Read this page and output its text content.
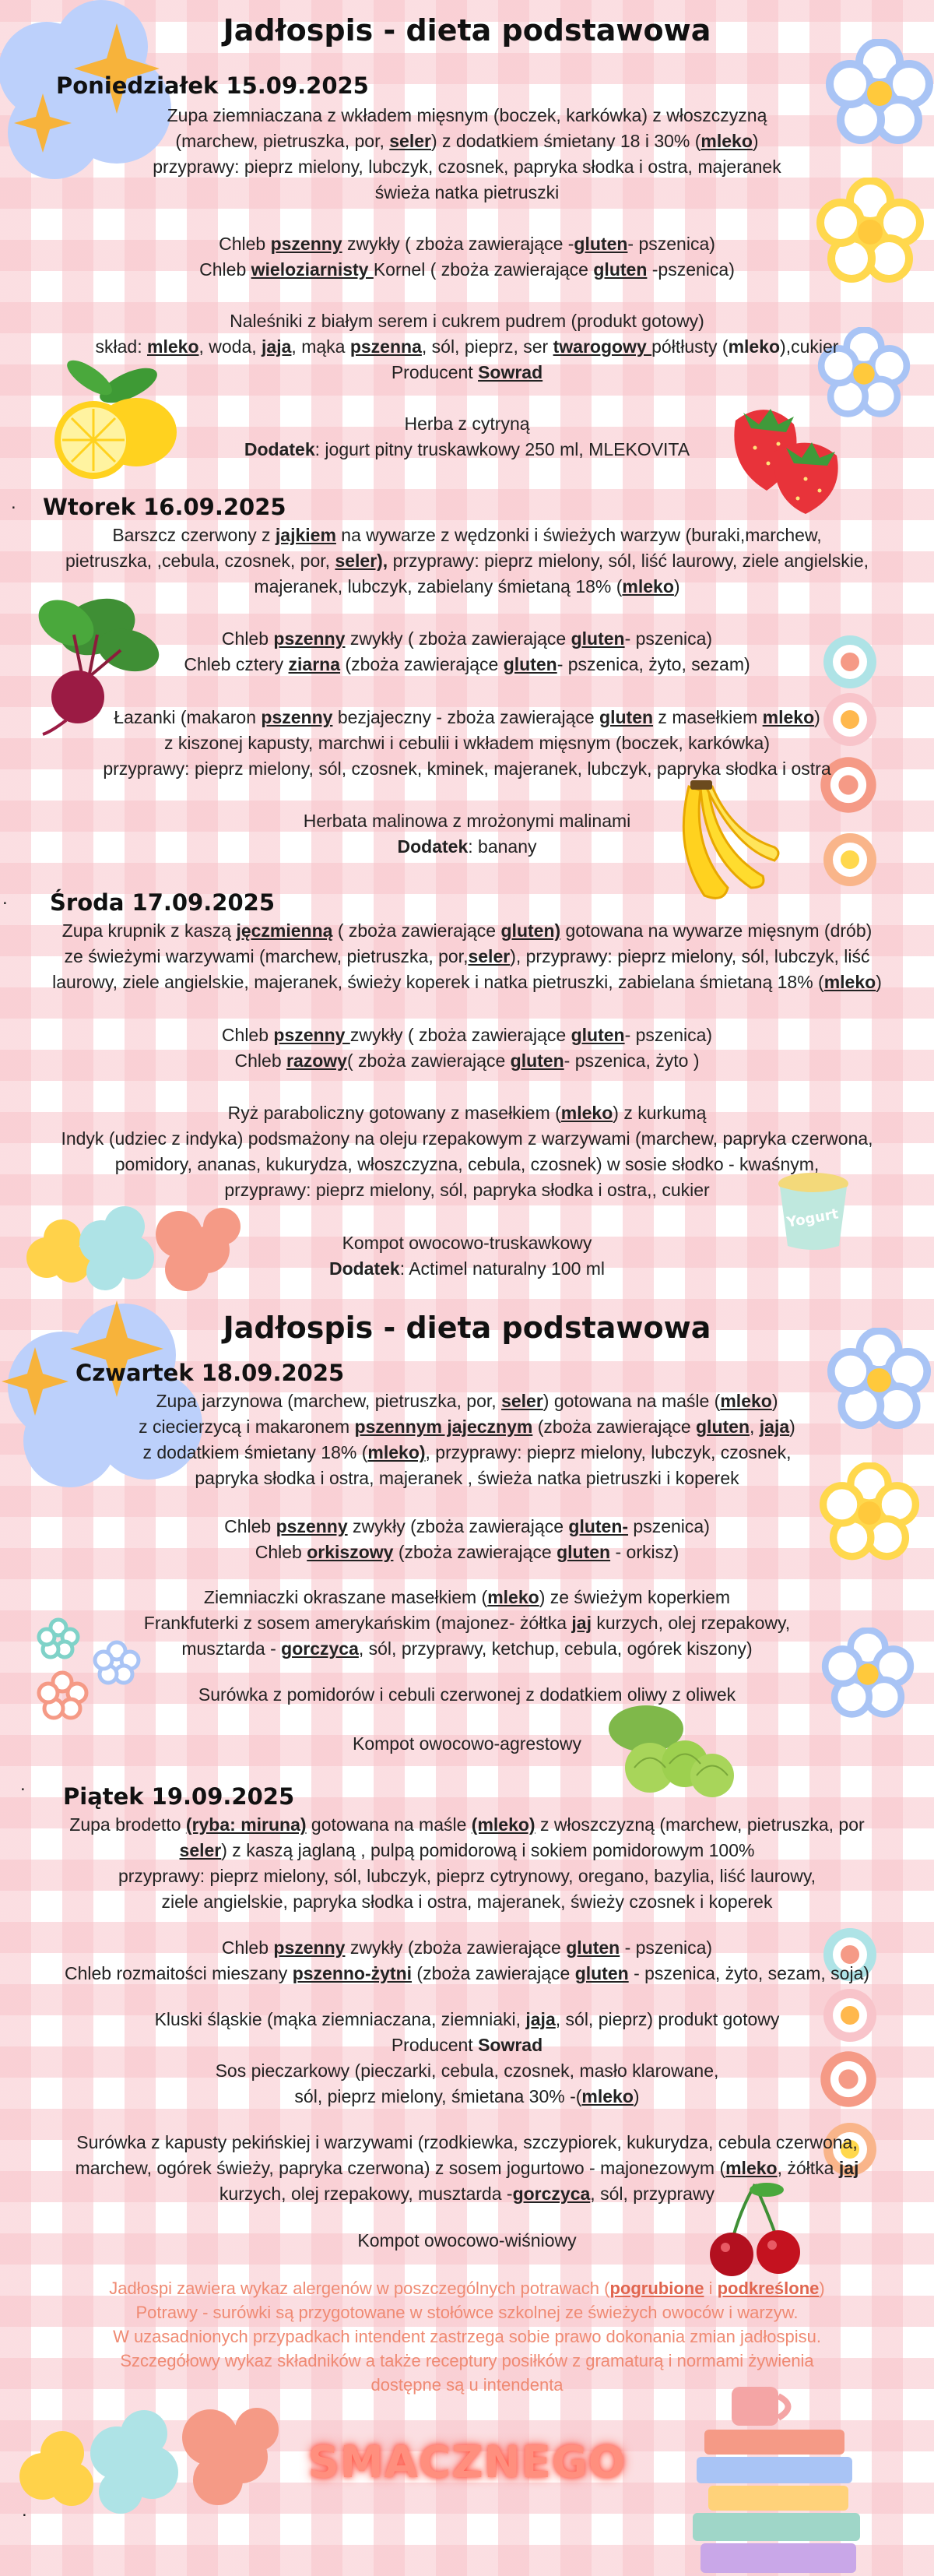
Yogurt
.
.
.
.
Jadłospis - dieta podstawowa
Poniedziałek 15.09.2025

Zupa ziemniaczana z wkładem mięsnym (boczek, karkówka) z włoszczyzną

(marchew, pietruszka, por, seler) z dodatkiem śmietany 18 i 30% (mleko)

przyprawy: pieprz mielony, lubczyk, czosnek, papryka słodka i ostra, majeranek

świeża natka pietruszki

Chleb pszenny zwykły ( zboża zawierające -gluten- pszenica)

Chleb wieloziarnisty Kornel ( zboża zawierające gluten -pszenica)

Naleśniki z białym serem i cukrem pudrem (produkt gotowy)

skład: mleko, woda, jaja, mąka pszenna, sól, pieprz, ser twarogowy półtłusty (mleko),cukier

Producent Sowrad

Herba z cytryną

Dodatek: jogurt pitny truskawkowy 250 ml, MLEKOVITA

Wtorek 16.09.2025

Barszcz czerwony z jajkiem na wywarze z wędzonki i świeżych warzyw (buraki,marchew,

pietruszka, ,cebula, czosnek, por, seler), przyprawy: pieprz mielony, sól, liść laurowy, ziele angielskie,

majeranek, lubczyk, zabielany śmietaną 18% (mleko)

Chleb pszenny zwykły ( zboża zawierające gluten- pszenica)

Chleb cztery ziarna (zboża zawierające gluten- pszenica, żyto, sezam)

Łazanki (makaron pszenny bezjajeczny - zboża zawierające gluten z masełkiem mleko)

z kiszonej kapusty, marchwi i cebulii i wkładem mięsnym (boczek, karkówka)

przyprawy: pieprz mielony, sól, czosnek, kminek, majeranek, lubczyk, papryka słodka i ostra

Herbata malinowa z mrożonymi malinami

Dodatek: banany

Środa 17.09.2025

Zupa krupnik z kaszą jęczmienną ( zboża zawierające gluten) gotowana na wywarze mięsnym (drób)

ze świeżymi warzywami (marchew, pietruszka, por,seler), przyprawy: pieprz mielony, sól, lubczyk, liść

laurowy, ziele angielskie, majeranek, świeży koperek i natka pietruszki, zabielana śmietaną 18% (mleko)

Chleb pszenny zwykły ( zboża zawierające gluten- pszenica)

Chleb razowy( zboża zawierające gluten- pszenica, żyto )

Ryż paraboliczny gotowany z masełkiem (mleko) z kurkumą

Indyk (udziec z indyka) podsmażony na oleju rzepakowym z warzywami (marchew, papryka czerwona,

pomidory, ananas, kukurydza, włoszczyzna, cebula, czosnek) w sosie słodko - kwaśnym,

przyprawy: pieprz mielony, sól, papryka słodka i ostra,, cukier

Kompot owocowo-truskawkowy

Dodatek: Actimel naturalny 100 ml

Jadłospis - dieta podstawowa
Czwartek 18.09.2025

Zupa jarzynowa (marchew, pietruszka, por, seler) gotowana na maśle (mleko)

z ciecierzycą i makaronem pszennym jajecznym (zboża zawierające gluten, jaja)

z dodatkiem śmietany 18% (mleko), przyprawy: pieprz mielony, lubczyk, czosnek,

papryka słodka i ostra, majeranek , świeża natka pietruszki i koperek

Chleb pszenny zwykły (zboża zawierające gluten- pszenica)

Chleb orkiszowy (zboża zawierające gluten - orkisz)

Ziemniaczki okraszane masełkiem (mleko) ze świeżym koperkiem

Frankfuterki z sosem amerykańskim (majonez- żółtka jaj kurzych, olej rzepakowy,

musztarda - gorczyca, sól, przyprawy, ketchup, cebula, ogórek kiszony)

Surówka z pomidorów i cebuli czerwonej z dodatkiem oliwy z oliwek

Kompot owocowo-agrestowy

Piątek 19.09.2025

Zupa brodetto (ryba: miruna) gotowana na maśle (mleko) z włoszczyzną (marchew, pietruszka, por

seler) z kaszą jaglaną , pulpą pomidorową i sokiem pomidorowym 100%

przyprawy: pieprz mielony, sól, lubczyk, pieprz cytrynowy, oregano, bazylia, liść laurowy,

ziele angielskie, papryka słodka i ostra, majeranek, świeży czosnek i koperek

Chleb pszenny zwykły (zboża zawierające gluten - pszenica)

Chleb rozmaitości mieszany pszenno-żytni (zboża zawierające gluten - pszenica, żyto, sezam, soja)

Kluski śląskie (mąka ziemniaczana, ziemniaki, jaja, sól, pieprz) produkt gotowy

Producent Sowrad

Sos pieczarkowy (pieczarki, cebula, czosnek, masło klarowane,

sól, pieprz mielony, śmietana 30% -(mleko)

Surówka z kapusty pekińskiej i warzywami (rzodkiewka, szczypiorek, kukurydza, cebula czerwona,

marchew, ogórek świeży, papryka czerwona) z sosem jogurtowo - majonezowym (mleko, żółtka jaj

kurzych, olej rzepakowy, musztarda -gorczyca, sól, przyprawy

Kompot owocowo-wiśniowy

Jadłospi zawiera wykaz alergenów w poszczególnych potrawach (pogrubione i podkreślone)

Potrawy - surówki są przygotowane w stołówce szkolnej ze świeżych owoców i warzyw.

W uzasadnionych przypadkach intendent zastrzega sobie prawo dokonania zmian jadłospisu.

Szczegółowy wykaz składników a także receptury posiłków z gramaturą i normami żywienia

dostępne są u intendenta

SMACZNEGO
